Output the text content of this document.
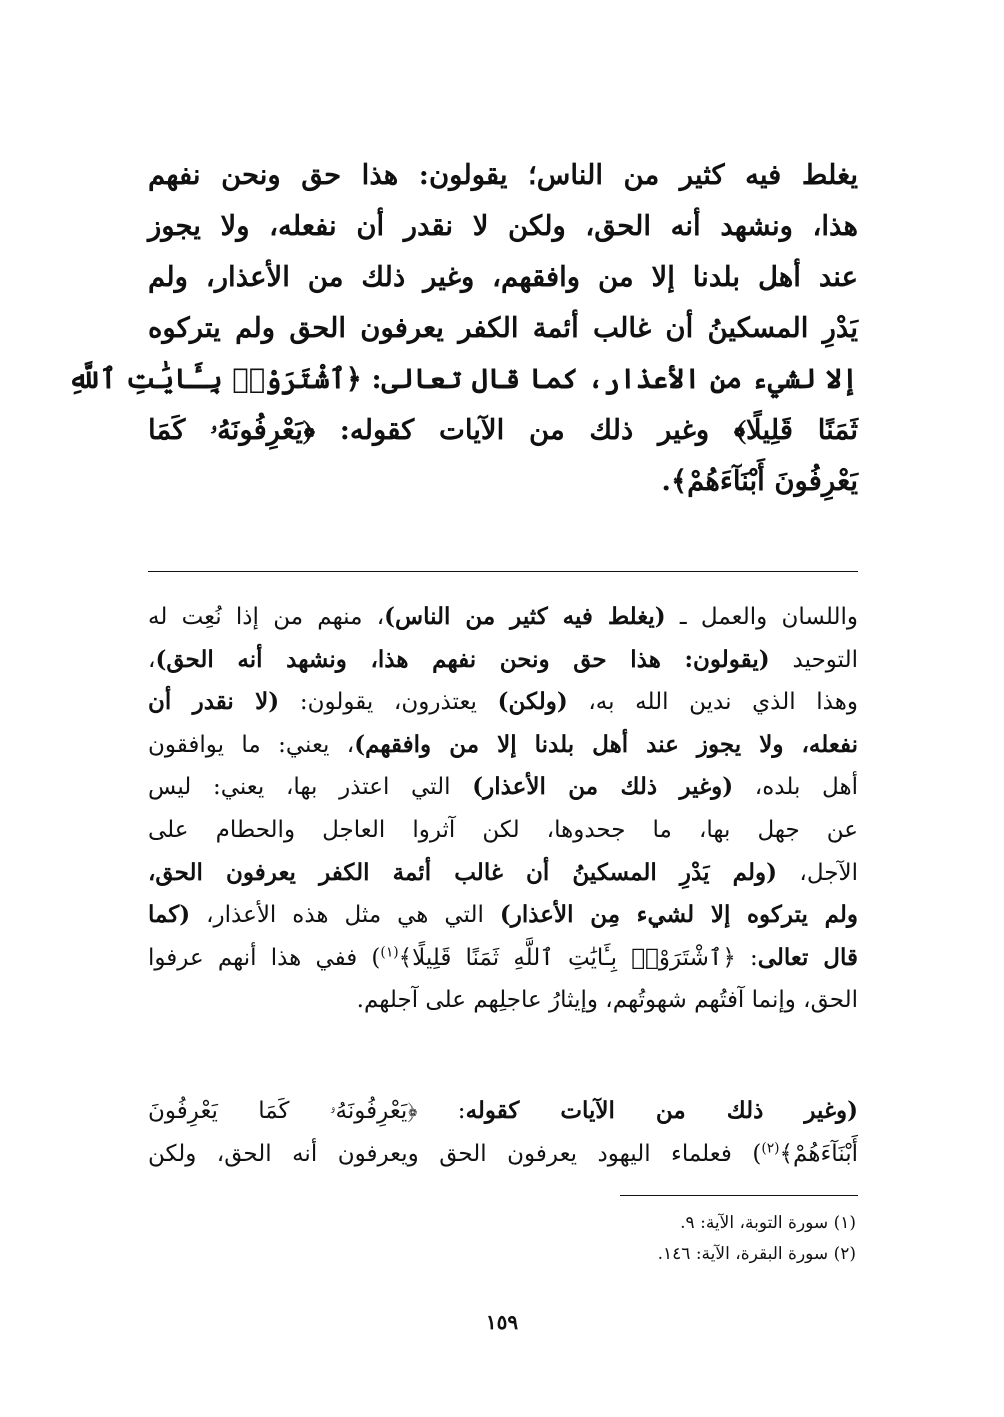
يغلط فيه كثير من الناس؛ يقولون: هذا حق ونحن نفهم
هذا، ونشهد أنه الحق، ولكن لا نقدر أن نفعله، ولا يجوز
عند أهل بلدنا إلا من وافقهم، وغير ذلك من الأعذار، ولم
يَدْرِ المسكينُ أن غالب أئمة الكفر يعرفون الحق ولم يتركوه
إلا لشيء من الأعذار، كما قال تعالى: ﴿ٱشْتَرَوْا۟ بِـَٔايَٰتِ ٱللَّهِ
ثَمَنًا قَلِيلًا﴾ وغير ذلك من الآيات كقوله: ﴿يَعْرِفُونَهُۥ كَمَا
يَعْرِفُونَ أَبْنَآءَهُمْ﴾.
واللسان والعمل ـ (يغلط فيه كثير من الناس)، منهم من إذا نُعِت له
التوحيد (يقولون: هذا حق ونحن نفهم هذا، ونشهد أنه الحق)،
وهذا الذي ندين الله به، (ولكن) يعتذرون، يقولون: (لا نقدر أن
نفعله، ولا يجوز عند أهل بلدنا إلا من وافقهم)، يعني: ما يوافقون
أهل بلده، (وغير ذلك من الأعذار) التي اعتذر بها، يعني: ليس
عن جهل بها، ما جحدوها، لكن آثروا العاجل والحطام على
الآجل، (ولم يَدْرِ المسكينُ أن غالب أئمة الكفر يعرفون الحق،
ولم يتركوه إلا لشيء مِن الأعذار) التي هي مثل هذه الأعذار، (كما
قال تعالى: ﴿ٱشْتَرَوْا۟ بِـَٔايَٰتِ ٱللَّهِ ثَمَنًا قَلِيلًا﴾$^{(١)}$) ففي هذا أنهم عرفوا
الحق، وإنما آفتُهم شهوتُهم، وإيثارُ عاجلِهم على آجلهم.
(وغير ذلك من الآيات كقوله: ﴿يَعْرِفُونَهُۥ كَمَا يَعْرِفُونَ
أَبْنَآءَهُمْ﴾$^{(٢)}$) فعلماء اليهود يعرفون الحق ويعرفون أنه الحق، ولكن
(١) سورة التوبة، الآية: ٩.
(٢) سورة البقرة، الآية: ١٤٦.
١٥٩
